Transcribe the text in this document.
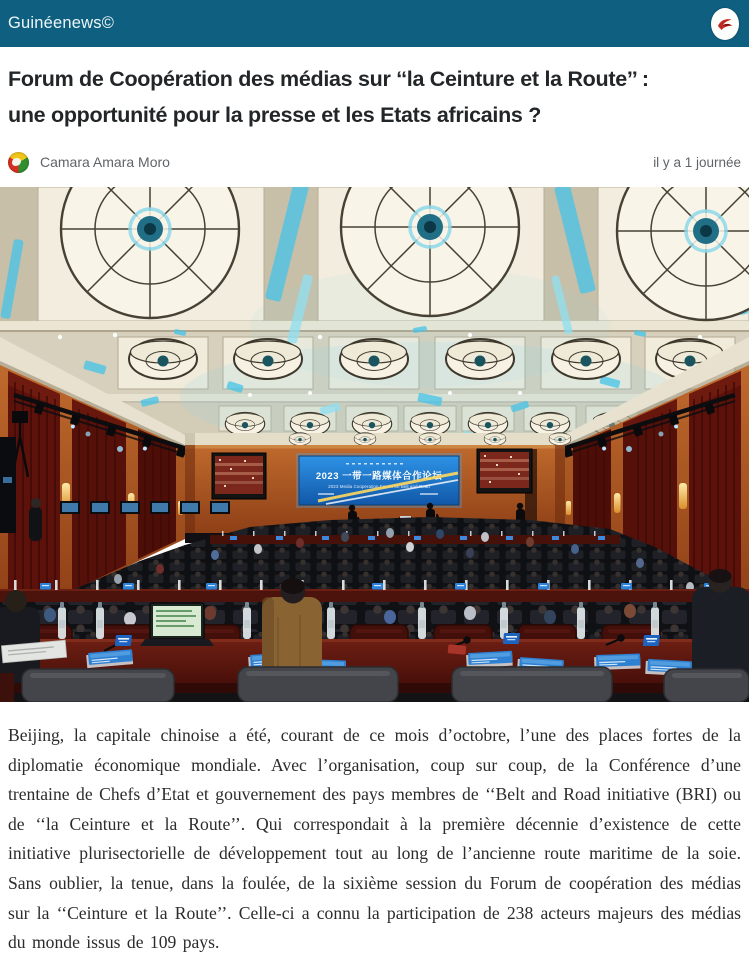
Guinéenews©
Forum de Coopération des médias sur ‘‘la Ceinture et la Route’’ :
une opportunité pour la presse et les Etats africains ?
Camara Amara Moro	il y a 1 journée
2023 一带一路媒体合作论坛
2023 Media Cooperation Forum on Belt and Road

Beijing, la capitale chinoise a été, courant de ce mois d’octobre, l’une des places fortes de la diplomatie économique mondiale. Avec l’organisation, coup sur coup, de la Conférence d’une trentaine de Chefs d’Etat et gouvernement des pays membres de ‘‘Belt and Road initiative (BRI) ou de ‘‘la Ceinture et la Route’’. Qui correspondait à la première décennie d’existence de cette initiative plurisectorielle de développement tout au long de l’ancienne route maritime de la soie. Sans oublier, la tenue, dans la foulée, de la sixième session du Forum de coopération des médias sur la ‘‘Ceinture et la Route’’. Celle-ci a connu la participation de 238 acteurs majeurs des médias du monde issus de 109 pays.
